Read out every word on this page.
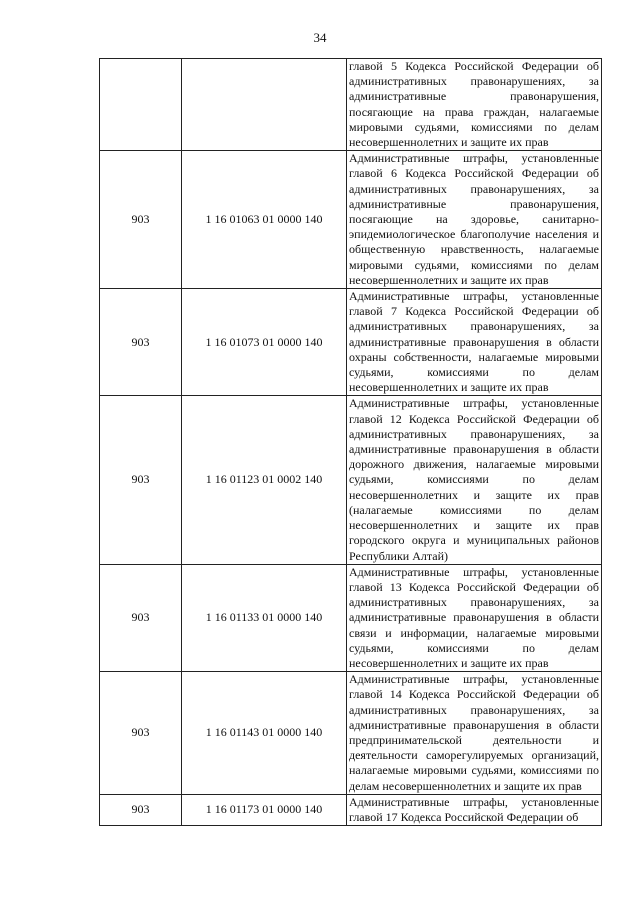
34
		главой 5 Кодекса Российской Федерации об административных правонарушениях, за административные правонарушения, посягающие на права граждан, налагаемые мировыми судьями, комиссиями по делам несовершеннолетних и защите их прав
903	1 16 01063 01 0000 140	Административные штрафы, установленные главой 6 Кодекса Российской Федерации об административных правонарушениях, за административные правонарушения, посягающие на здоровье, санитарно-эпидемиологическое благополучие населения и общественную нравственность, налагаемые мировыми судьями, комиссиями по делам несовершеннолетних и защите их прав
903	1 16 01073 01 0000 140	Административные штрафы, установленные главой 7 Кодекса Российской Федерации об административных правонарушениях, за административные правонарушения в области охраны собственности, налагаемые мировыми судьями, комиссиями по делам несовершеннолетних и защите их прав
903	1 16 01123 01 0002 140	Административные штрафы, установленные главой 12 Кодекса Российской Федерации об административных правонарушениях, за административные правонарушения в области дорожного движения, налагаемые мировыми судьями, комиссиями по делам несовершеннолетних и защите их прав (налагаемые комиссиями по делам несовершеннолетних и защите их прав городского округа и муниципальных районов Республики Алтай)
903	1 16 01133 01 0000 140	Административные штрафы, установленные главой 13 Кодекса Российской Федерации об административных правонарушениях, за административные правонарушения в области связи и информации, налагаемые мировыми судьями, комиссиями по делам несовершеннолетних и защите их прав
903	1 16 01143 01 0000 140	Административные штрафы, установленные главой 14 Кодекса Российской Федерации об административных правонарушениях, за административные правонарушения в области предпринимательской деятельности и деятельности саморегулируемых организаций, налагаемые мировыми судьями, комиссиями по делам несовершеннолетних и защите их прав
903	1 16 01173 01 0000 140	Административные штрафы, установленные главой 17 Кодекса Российской Федерации об
